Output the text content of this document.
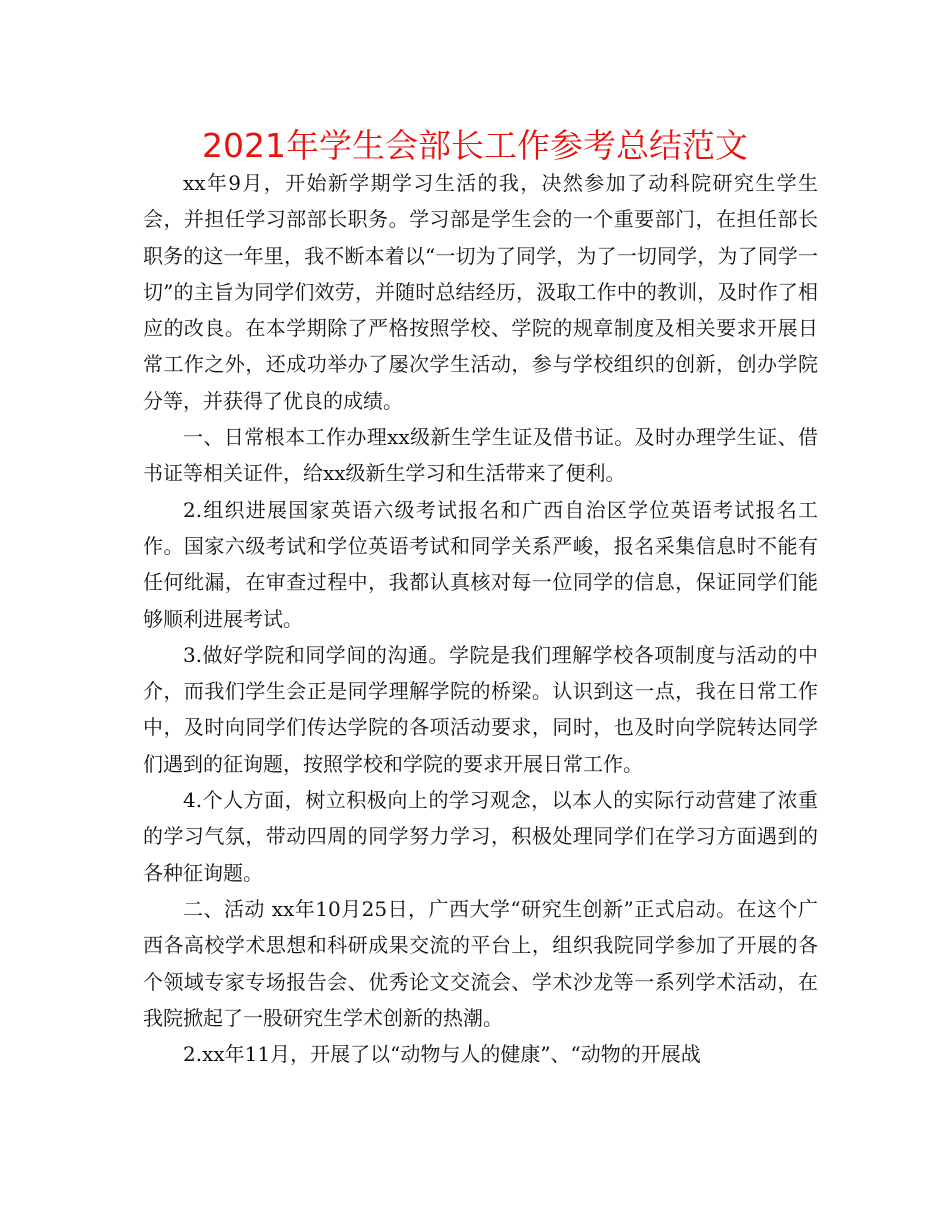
2021年学生会部长工作参考总结范文

xx年9月，开始新学期学习生活的我，决然参加了动科院研究生学生会，并担任学习部部长职务。学习部是学生会的一个重要部门，在担任部长职务的这一年里，我不断本着以“一切为了同学，为了一切同学，为了同学一切”的主旨为同学们效劳，并随时总结经历，汲取工作中的教训，及时作了相应的改良。在本学期除了严格按照学校、学院的规章制度及相关要求开展日常工作之外，还成功举办了屡次学生活动，参与学校组织的创新，创办学院分等，并获得了优良的成绩。

一、日常根本工作办理xx级新生学生证及借书证。及时办理学生证、借书证等相关证件，给xx级新生学习和生活带来了便利。

2.组织进展国家英语六级考试报名和广西自治区学位英语考试报名工作。国家六级考试和学位英语考试和同学关系严峻，报名采集信息时不能有任何纰漏，在审查过程中，我都认真核对每一位同学的信息，保证同学们能够顺利进展考试。

3.做好学院和同学间的沟通。学院是我们理解学校各项制度与活动的中介，而我们学生会正是同学理解学院的桥梁。认识到这一点，我在日常工作中，及时向同学们传达学院的各项活动要求，同时，也及时向学院转达同学们遇到的征询题，按照学校和学院的要求开展日常工作。

4.个人方面，树立积极向上的学习观念，以本人的实际行动营建了浓重的学习气氛，带动四周的同学努力学习，积极处理同学们在学习方面遇到的各种征询题。

二、活动 xx年10月25日，广西大学“研究生创新”正式启动。在这个广西各高校学术思想和科研成果交流的平台上，组织我院同学参加了开展的各个领域专家专场报告会、优秀论文交流会、学术沙龙等一系列学术活动，在我院掀起了一股研究生学术创新的热潮。

2.xx年11月，开展了以“动物与人的健康”、“动物的开展战
